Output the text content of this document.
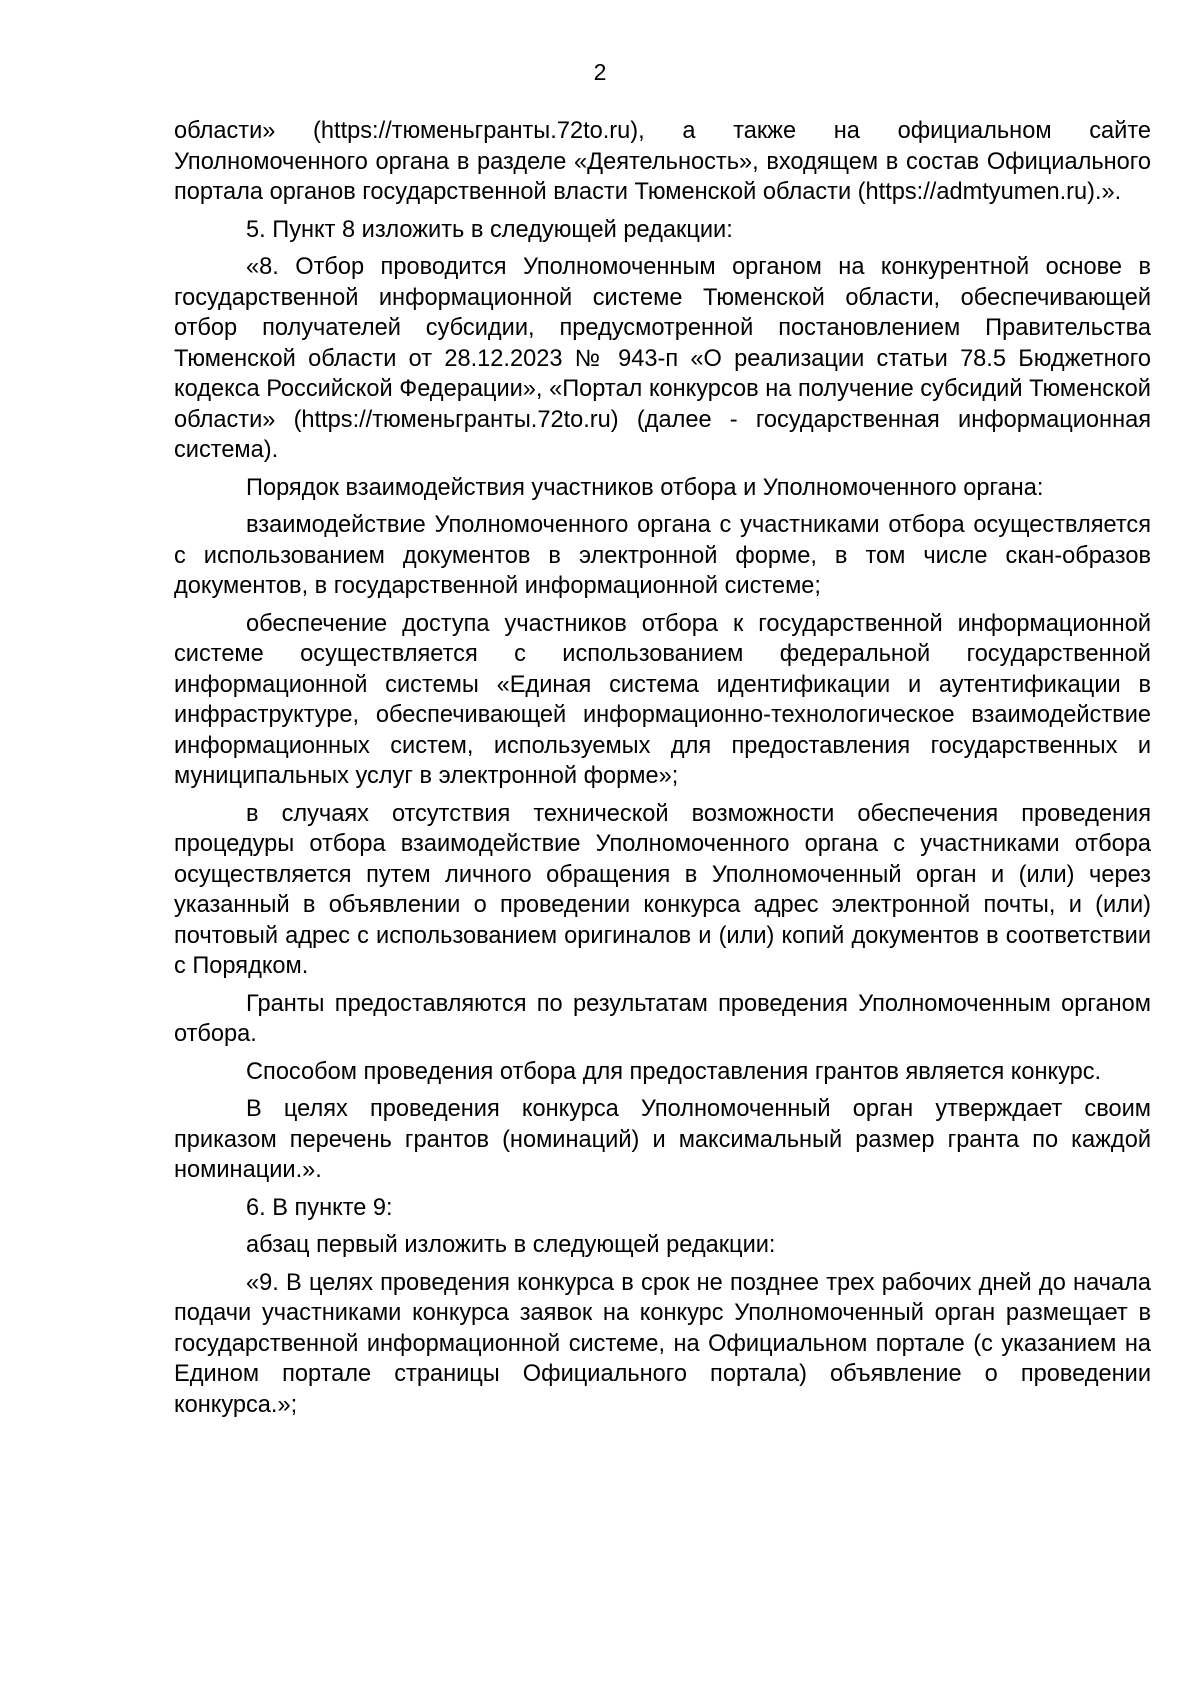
2

области» (https://тюменьгранты.72to.ru), а также на официальном сайте Уполномоченного органа в разделе «Деятельность», входящем в состав Официального портала органов государственной власти Тюменской области (https://admtyumen.ru).».

5. Пункт 8 изложить в следующей редакции:

«8. Отбор проводится Уполномоченным органом на конкурентной основе в государственной информационной системе Тюменской области, обеспечивающей отбор получателей субсидии, предусмотренной постановлением Правительства Тюменской области от 28.12.2023 № 943-п «О реализации статьи 78.5 Бюджетного кодекса Российской Федерации», «Портал конкурсов на получение субсидий Тюменской области» (https://тюменьгранты.72to.ru) (далее - государственная информационная система).

Порядок взаимодействия участников отбора и Уполномоченного органа:

взаимодействие Уполномоченного органа с участниками отбора осуществляется с использованием документов в электронной форме, в том числе скан-образов документов, в государственной информационной системе;

обеспечение доступа участников отбора к государственной информационной системе осуществляется с использованием федеральной государственной информационной системы «Единая система идентификации и аутентификации в инфраструктуре, обеспечивающей информационно-технологическое взаимодействие информационных систем, используемых для предоставления государственных и муниципальных услуг в электронной форме»;

в случаях отсутствия технической возможности обеспечения проведения процедуры отбора взаимодействие Уполномоченного органа с участниками отбора осуществляется путем личного обращения в Уполномоченный орган и (или) через указанный в объявлении о проведении конкурса адрес электронной почты, и (или) почтовый адрес с использованием оригиналов и (или) копий документов в соответствии с Порядком.

Гранты предоставляются по результатам проведения Уполномоченным органом отбора.

Способом проведения отбора для предоставления грантов является конкурс.

В целях проведения конкурса Уполномоченный орган утверждает своим приказом перечень грантов (номинаций) и максимальный размер гранта по каждой номинации.».

6. В пункте 9:

абзац первый изложить в следующей редакции:

«9. В целях проведения конкурса в срок не позднее трех рабочих дней до начала подачи участниками конкурса заявок на конкурс Уполномоченный орган размещает в государственной информационной системе, на Официальном портале (с указанием на Едином портале страницы Официального портала) объявление о проведении конкурса.»;
